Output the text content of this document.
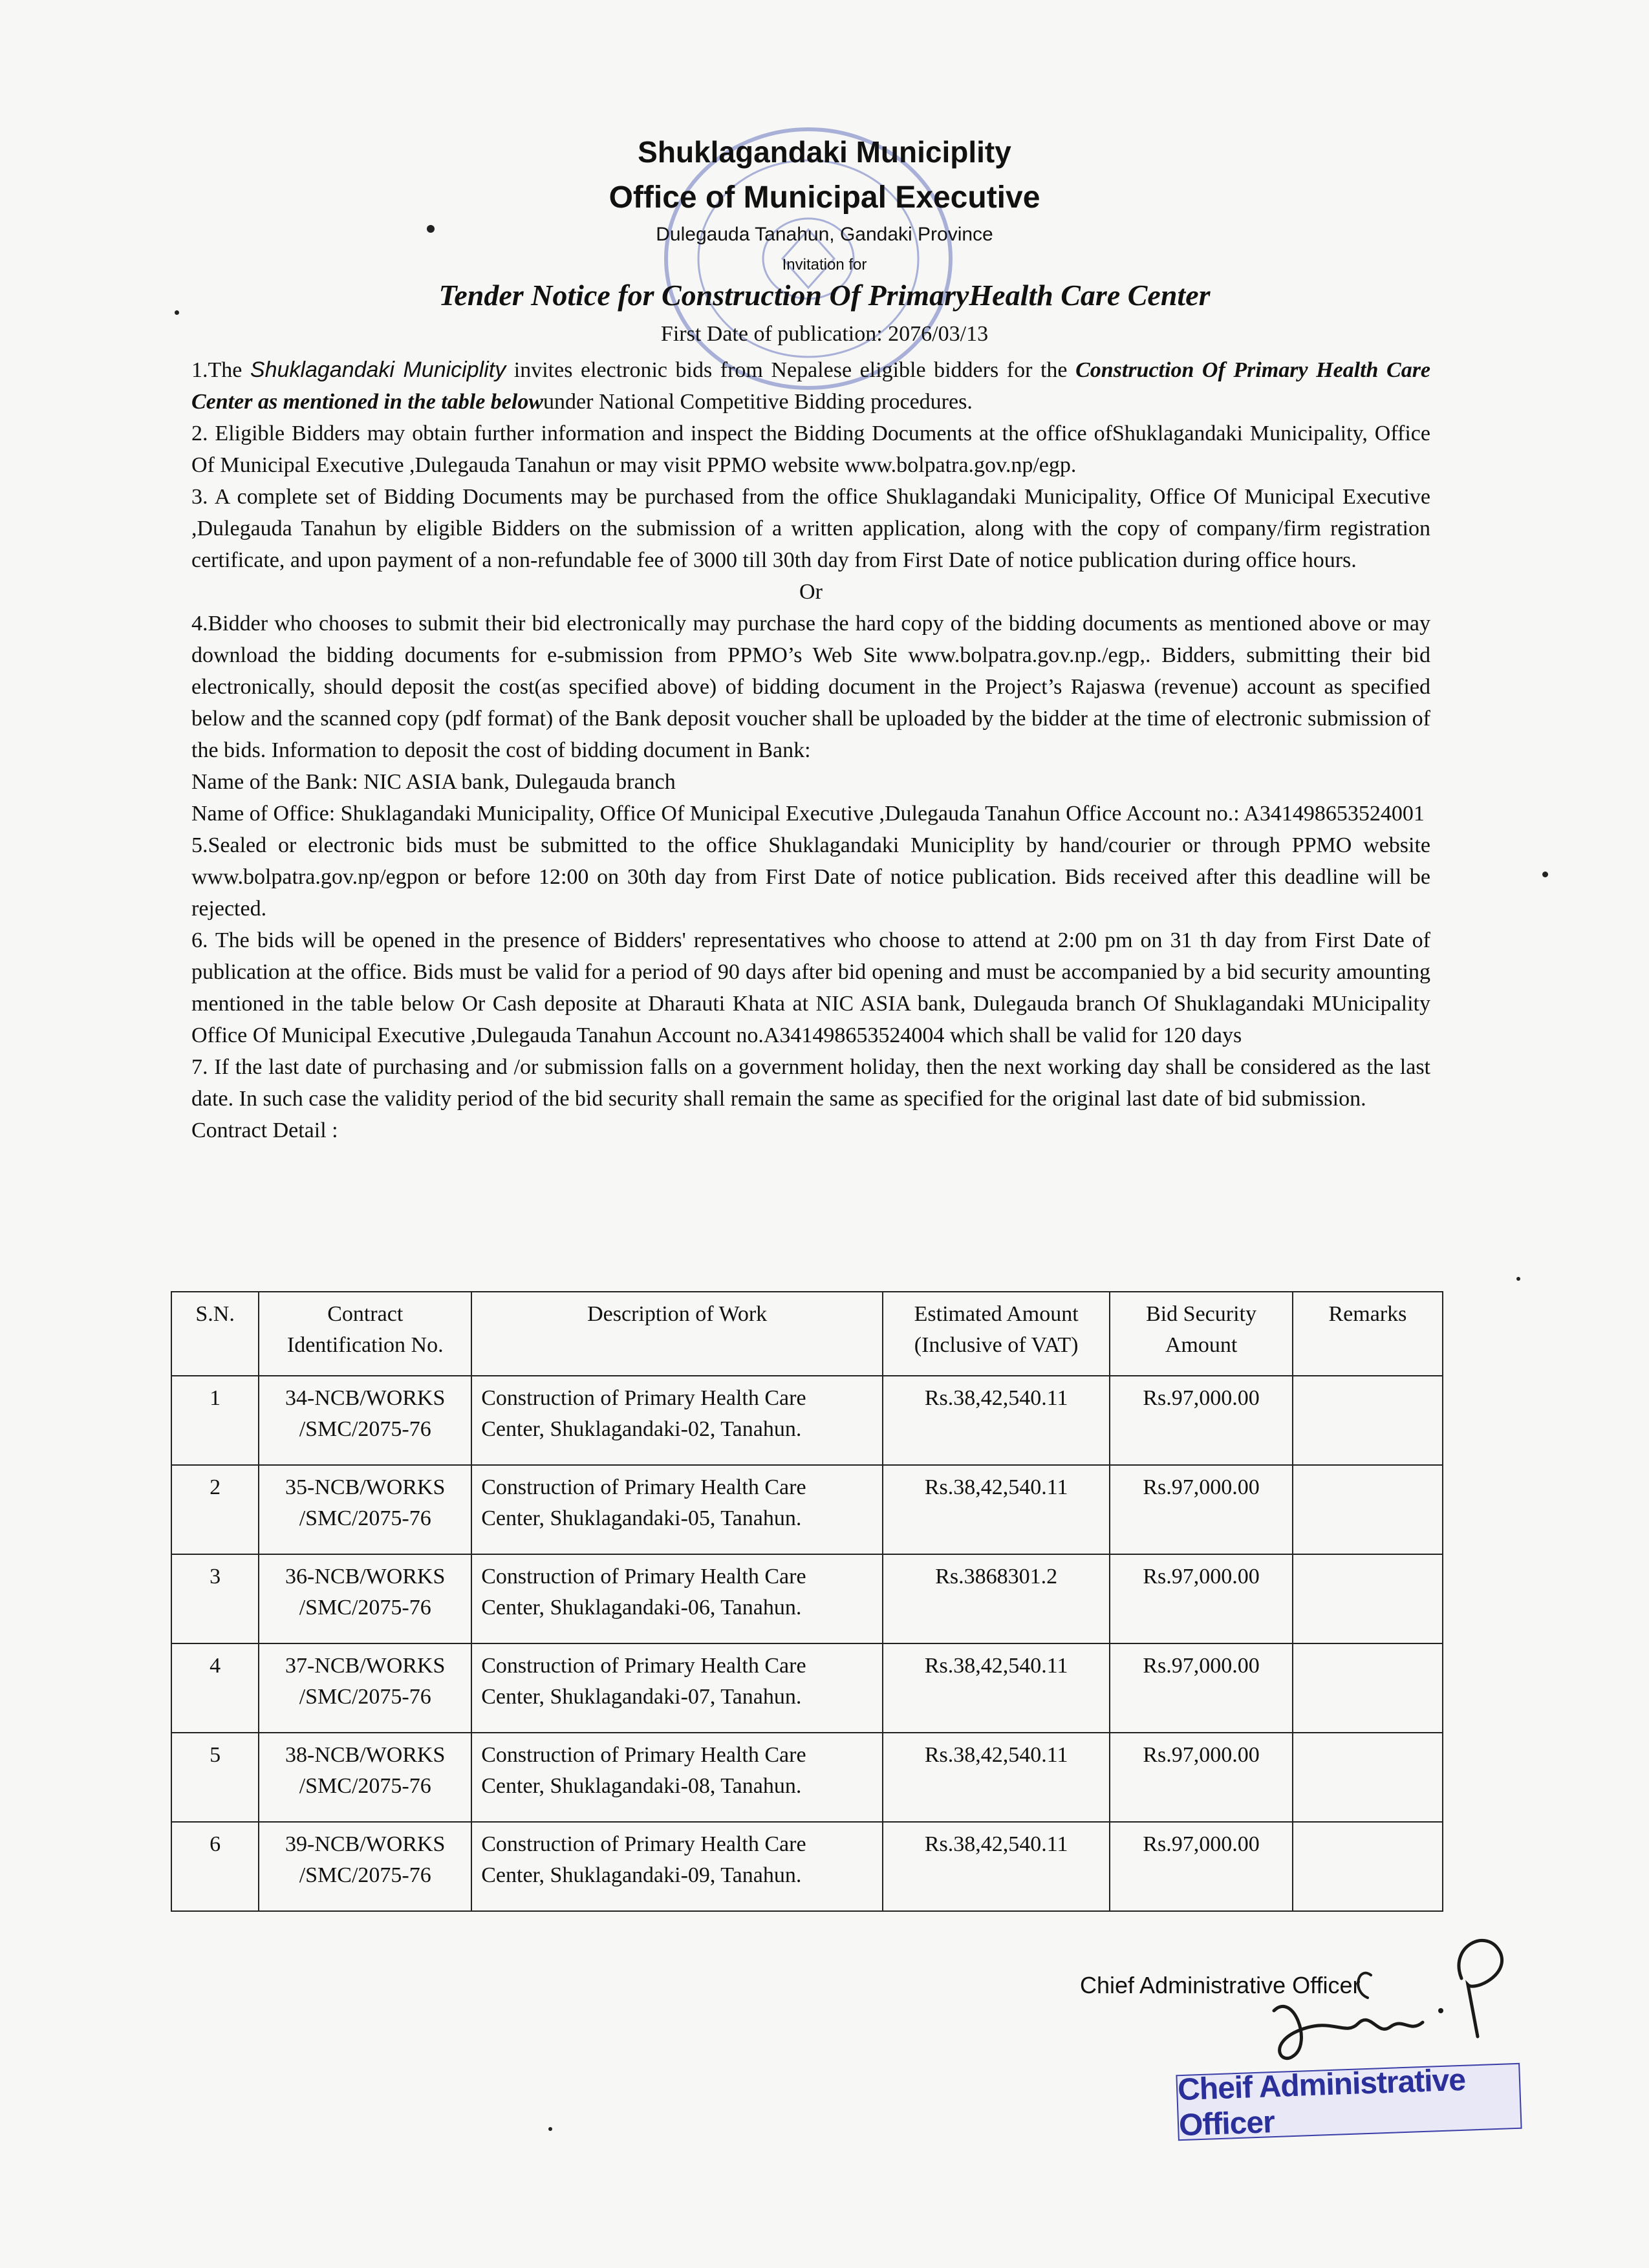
Shuklagandaki Municiplity
Office of Municipal Executive
Dulegauda Tanahun, Gandaki Province
Invitation for
Tender Notice for Construction Of PrimaryHealth Care Center
First Date of publication: 2076/03/13

1.The Shuklagandaki Municiplity invites electronic bids from Nepalese eligible bidders for the Construction Of Primary Health Care Center as mentioned in the table belowunder National Competitive Bidding procedures.

2. Eligible Bidders may obtain further information and inspect the Bidding Documents at the office ofShuklagandaki Municipality, Office Of Municipal Executive ,Dulegauda Tanahun or may visit PPMO website www.bolpatra.gov.np/egp.

3. A complete set of Bidding Documents may be purchased from the office Shuklagandaki Municipality, Office Of Municipal Executive ,Dulegauda Tanahun by eligible Bidders on the submission of a written application, along with the copy of company/firm registration certificate, and upon payment of a non-refundable fee of 3000 till 30th day from First Date of notice publication during office hours.

Or

4.Bidder who chooses to submit their bid electronically may purchase the hard copy of the bidding documents as mentioned above or may download the bidding documents for e-submission from PPMO’s Web Site www.bolpatra.gov.np./egp,. Bidders, submitting their bid electronically, should deposit the cost(as specified above) of bidding document in the Project’s Rajaswa (revenue) account as specified below and the scanned copy (pdf format) of the Bank deposit voucher shall be uploaded by the bidder at the time of electronic submission of the bids. Information to deposit the cost of bidding document in Bank:

Name of the Bank: NIC ASIA bank, Dulegauda branch

Name of Office: Shuklagandaki Municipality, Office Of Municipal Executive ,Dulegauda Tanahun Office Account no.: A341498653524001

5.Sealed or electronic bids must be submitted to the office Shuklagandaki Municiplity by hand/courier or through PPMO website www.bolpatra.gov.np/egpon or before 12:00 on 30th day from First Date of notice publication. Bids received after this deadline will be rejected.

6. The bids will be opened in the presence of Bidders' representatives who choose to attend at 2:00 pm on 31 th day from First Date of publication at the office. Bids must be valid for a period of 90 days after bid opening and must be accompanied by a bid security amounting mentioned in the table below Or Cash deposite at Dharauti Khata at NIC ASIA bank, Dulegauda branch Of Shuklagandaki MUnicipality Office Of Municipal Executive ,Dulegauda Tanahun Account no.A341498653524004 which shall be valid for 120 days

7. If the last date of purchasing and /or submission falls on a government holiday, then the next working day shall be considered as the last date. In such case the validity period of the bid security shall remain the same as specified for the original last date of bid submission.

Contract Detail :

S.N.	Contract Identification No.	Description of Work	Estimated Amount (Inclusive of VAT)	Bid Security Amount	Remarks
1	34-NCB/WORKS /SMC/2075-76	Construction of Primary Health Care Center, Shuklagandaki-02, Tanahun.	Rs.38,42,540.11	Rs.97,000.00	
2	35-NCB/WORKS /SMC/2075-76	Construction of Primary Health Care Center, Shuklagandaki-05, Tanahun.	Rs.38,42,540.11	Rs.97,000.00	
3	36-NCB/WORKS /SMC/2075-76	Construction of Primary Health Care Center, Shuklagandaki-06, Tanahun.	Rs.3868301.2	Rs.97,000.00	
4	37-NCB/WORKS /SMC/2075-76	Construction of Primary Health Care Center, Shuklagandaki-07, Tanahun.	Rs.38,42,540.11	Rs.97,000.00	
5	38-NCB/WORKS /SMC/2075-76	Construction of Primary Health Care Center, Shuklagandaki-08, Tanahun.	Rs.38,42,540.11	Rs.97,000.00	
6	39-NCB/WORKS /SMC/2075-76	Construction of Primary Health Care Center, Shuklagandaki-09, Tanahun.	Rs.38,42,540.11	Rs.97,000.00	
Chief Administrative Officer
Cheif Administrative Officer
